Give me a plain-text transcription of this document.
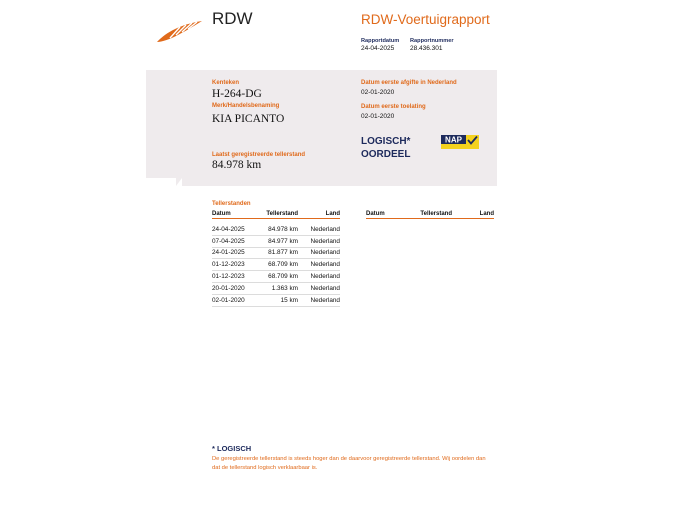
RDW	RDW-Voertuigrapport
Rapportdatum
24-04-2025
Rapportnummer
28.436.301
Kenteken
H-264-DG
Merk/Handelsbenaming
KIA PICANTO
Laatst geregistreerde tellerstand
84.978 km
Datum eerste afgifte in Nederland
02-01-2020
Datum eerste toelating
02-01-2020
LOGISCH*
OORDEEL
NAP
Tellerstanden
Datum	Tellerstand	Land

24-04-2025	84.978 km	Nederland
07-04-2025	84.977 km	Nederland
24-01-2025	81.877 km	Nederland
01-12-2023	68.709 km	Nederland
01-12-2023	68.709 km	Nederland
20-01-2020	1.363 km	Nederland
02-01-2020	15 km	Nederland
Datum	Tellerstand	Land
* LOGISCH
De geregistreerde tellerstand is steeds hoger dan de daarvoor geregistreerde tellerstand. Wij oordelen dan
dat de tellerstand logisch verklaarbaar is.
